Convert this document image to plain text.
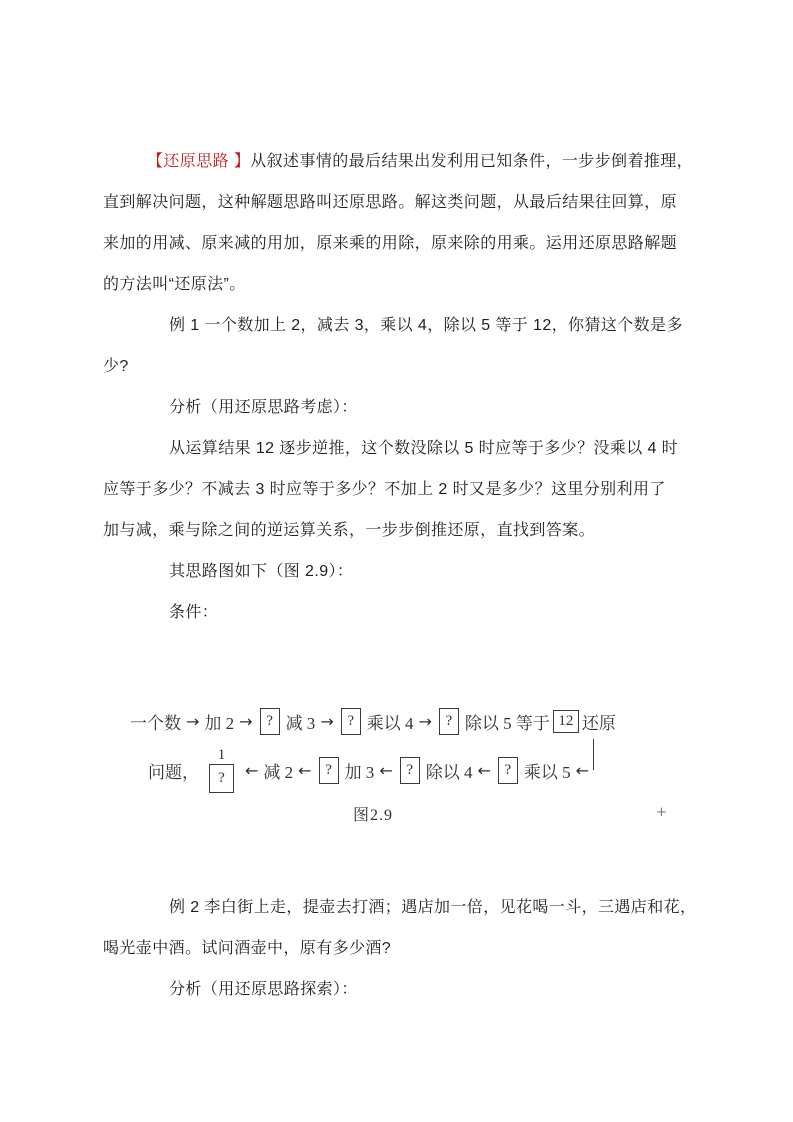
【还原思路 】从叙述事情的最后结果出发利用已知条件，一步步倒着推理，
直到解决问题，这种解题思路叫还原思路。解这类问题，从最后结果往回算，原
来加的用减、原来减的用加，原来乘的用除，原来除的用乘。运用还原思路解题
的方法叫“还原法”。
例 1 一个数加上 2，减去 3，乘以 4，除以 5 等于 12，你猜这个数是多
少?
分析（用还原思路考虑）：
从运算结果 12 逐步逆推，这个数没除以 5 时应等于多少？没乘以 4 时
应等于多少？不减去 3 时应等于多少？不加上 2 时又是多少？这里分别利用了
加与减，乘与除之间的逆运算关系，一步步倒推还原，直找到答案。
其思路图如下（图 2.9）：
条件：
一个数 → 加 2 → ? 减 3 → ? 乘以 4 → ? 除以 5 等于 12 还原
问题， $\frac{1}{?}$ ← 减 2 ← ? 加 3 ← ? 除以 4 ← ? 乘以 5 ←
图2.9
例 2 李白街上走，提壶去打酒；遇店加一倍，见花喝一斗，三遇店和花，
喝光壶中酒。试问酒壶中，原有多少酒?
分析（用还原思路探索）：
+
